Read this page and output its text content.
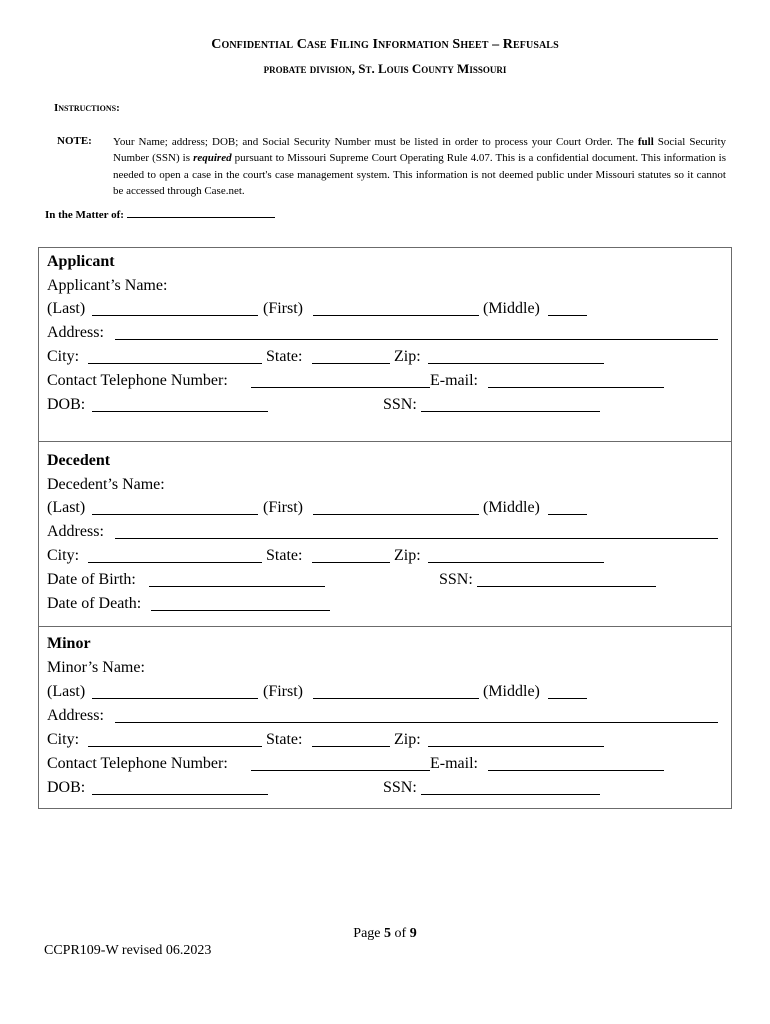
Confidential Case Filing Information Sheet – Refusals
probate division, St. Louis County Missouri
Instructions:
NOTE: Your Name; address; DOB; and Social Security Number must be listed in order to process your Court Order. The full Social Security Number (SSN) is required pursuant to Missouri Supreme Court Operating Rule 4.07. This is a confidential document. This information is needed to open a case in the court's case management system. This information is not deemed public under Missouri statutes so it cannot be accessed through Case.net.
In the Matter of:
Applicant
Applicant’s Name:
(Last)	(First)	(Middle)
Address:
City:	State:	Zip:
Contact Telephone Number:	E-mail:
DOB:	SSN:
Decedent
Decedent’s Name:
(Last)	(First)	(Middle)
Address:
City:	State:	Zip:
Date of Birth:	SSN:
Date of Death:
Minor
Minor’s Name:
(Last)	(First)	(Middle)
Address:
City:	State:	Zip:
Contact Telephone Number:	E-mail:
DOB:	SSN:
Page 5 of 9
CCPR109-W revised 06.2023
